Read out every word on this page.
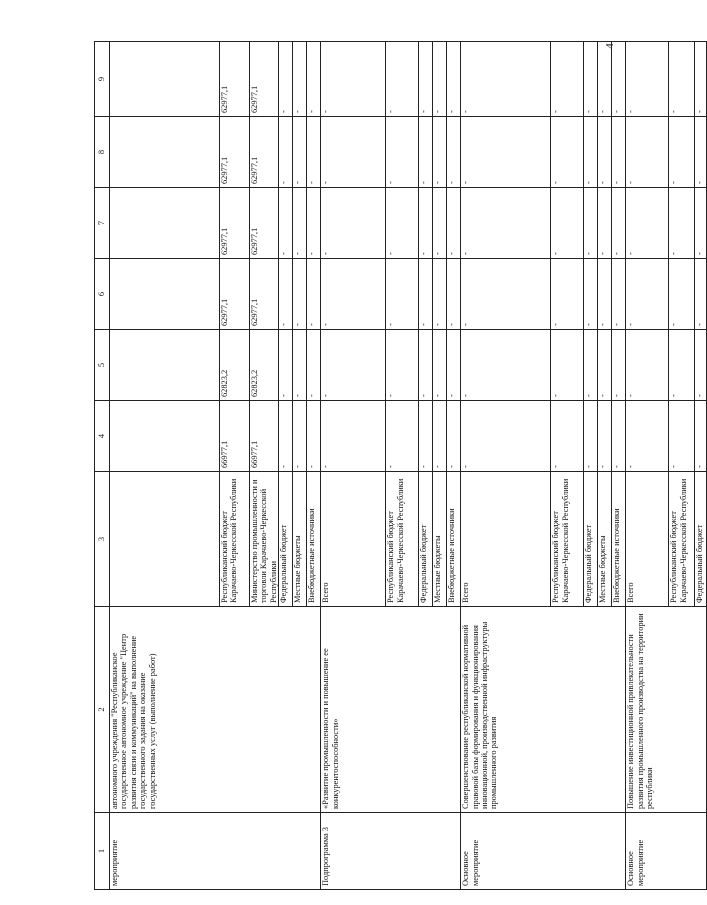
4
1	2	3	4	5	6	7	8	9
мероприятие	автономного учреждения "Республиканское государственное автономное учреждение "Центр развития связи и коммуникаций" на выполнение государственного задания на оказание государственных услуг (выполнение работ)							
		Республиканский бюджет Карачаево-Черкесской Республики	66977,1	62823,2	62977,1	62977,1	62977,1	62977,1
		Министерство промышленности и торговли Карачаево-Черкесской Республики	66977,1	62823,2	62977,1	62977,1	62977,1	62977,1
		Федеральный бюджет	-	-	-	-	-	-
		Местные бюджеты	-	-	-	-	-	-
		Внебюджетные источники	-	-	-	-	-	-
Подпрограмма 3	«Развитие промышленности и повышение ее конкурентоспособности»	Всего	-	-	-	-	-	-
		Республиканский бюджет Карачаево-Черкесской Республики	-	-	-	-	-	-
		Федеральный бюджет	-	-	-	-	-	-
		Местные бюджеты	-	-	-	-	-	-
		Внебюджетные источники	-	-	-	-	-	-
Основное мероприятие	Совершенствование республиканской нормативной правовой базы формирования и функционирования инновационной, производственной инфраструктуры промышленного развития	Всего	-	-	-	-	-	-
		Республиканский бюджет Карачаево-Черкесской Республики	-	-	-	-	-	-
		Федеральный бюджет	-	-	-	-	-	-
		Местные бюджеты	-	-	-	-	-	-
		Внебюджетные источники	-	-	-	-	-	-
Основное мероприятие	Повышение инвестиционной привлекательности развития промышленного производства на территории республики	Всего	-	-	-	-	-	-
		Республиканский бюджет Карачаево-Черкесской Республики	-	-	-	-	-	-
		Федеральный бюджет	-	-	-	-	-	-
